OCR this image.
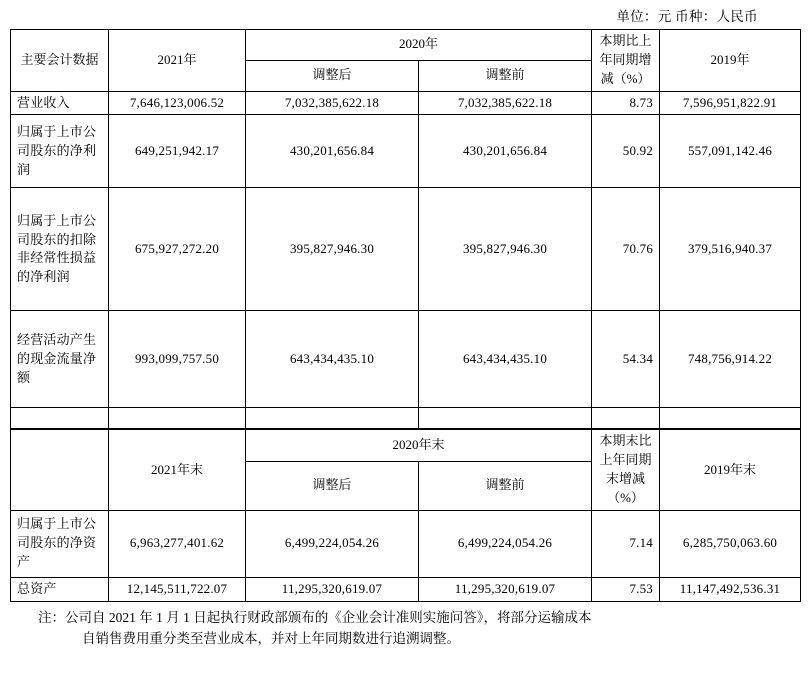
单位：元 币种：人民币
主要会计数据	2021年	2020年		本期比上年同期增减（%）	2019年
		调整后	调整前		
营业收入	7,646,123,006.52	7,032,385,622.18	7,032,385,622.18	8.73	7,596,951,822.91
归属于上市公司股东的净利润	649,251,942.17	430,201,656.84	430,201,656.84	50.92	557,091,142.46
归属于上市公司股东的扣除非经常性损益的净利润	675,927,272.20	395,827,946.30	395,827,946.30	70.76	379,516,940.37
经营活动产生的现金流量净额	993,099,757.50	643,434,435.10	643,434,435.10	54.34	748,756,914.22

	2021年末	2020年末		本期末比上年同期末增减（%）	2019年末
		调整后	调整前		
归属于上市公司股东的净资产	6,963,277,401.62	6,499,224,054.26	6,499,224,054.26	7.14	6,285,750,063.60
总资产	12,145,511,722.07	11,295,320,619.07	11,295,320,619.07	7.53	11,147,492,536.31
注：公司自 2021 年 1 月 1 日起执行财政部颁布的《企业会计准则实施问答》，将部分运输成本
自销售费用重分类至营业成本，并对上年同期数进行追溯调整。
